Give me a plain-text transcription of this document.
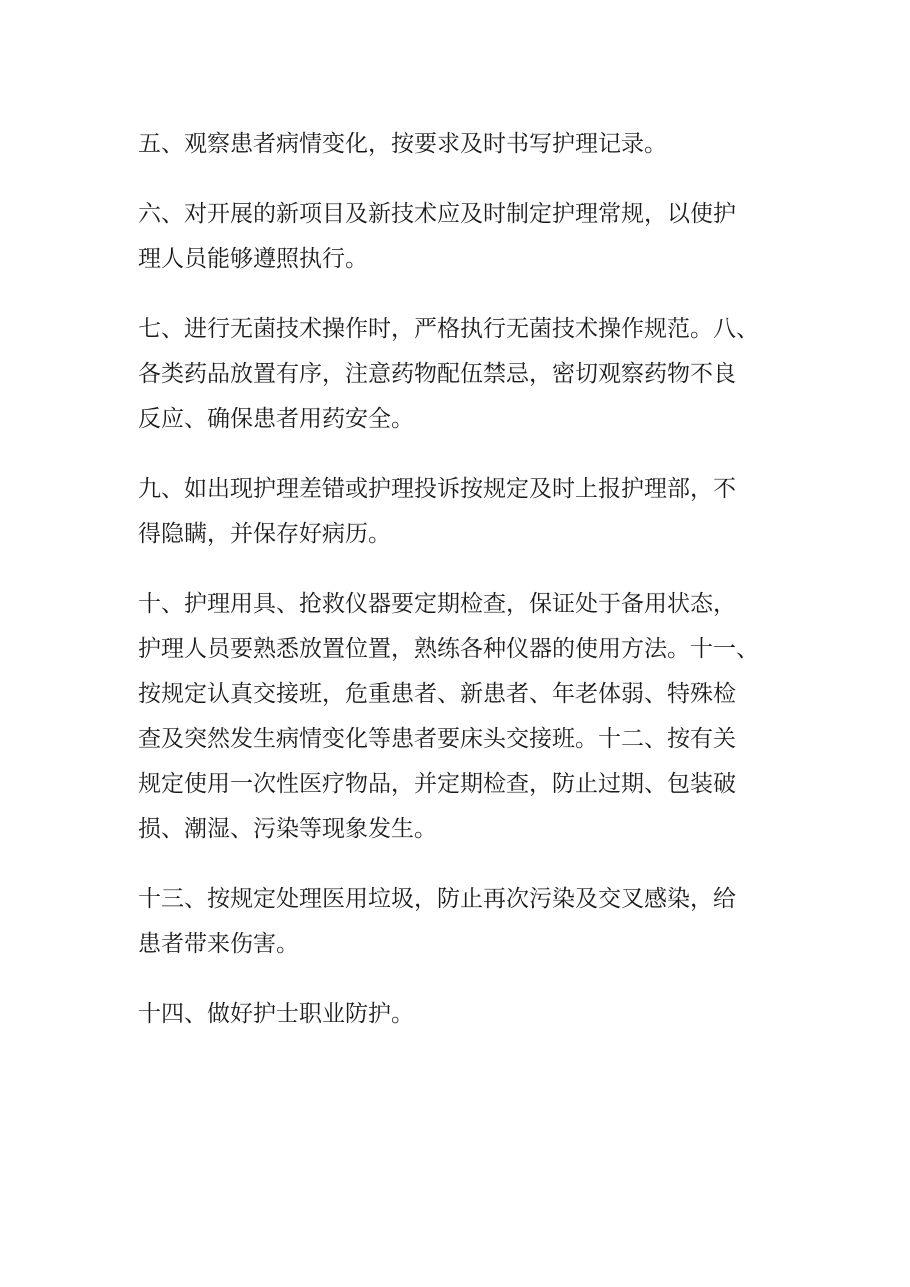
五、观察患者病情变化，按要求及时书写护理记录。

六、对开展的新项目及新技术应及时制定护理常规，以使护
理人员能够遵照执行。

七、进行无菌技术操作时，严格执行无菌技术操作规范。八、
各类药品放置有序，注意药物配伍禁忌，密切观察药物不良
反应、确保患者用药安全。

九、如出现护理差错或护理投诉按规定及时上报护理部，不
得隐瞒，并保存好病历。

十、护理用具、抢救仪器要定期检查，保证处于备用状态，
护理人员要熟悉放置位置，熟练各种仪器的使用方法。十一、
按规定认真交接班，危重患者、新患者、年老体弱、特殊检
查及突然发生病情变化等患者要床头交接班。十二、按有关
规定使用一次性医疗物品，并定期检查，防止过期、包装破
损、潮湿、污染等现象发生。

十三、按规定处理医用垃圾，防止再次污染及交叉感染，给
患者带来伤害。

十四、做好护士职业防护。
